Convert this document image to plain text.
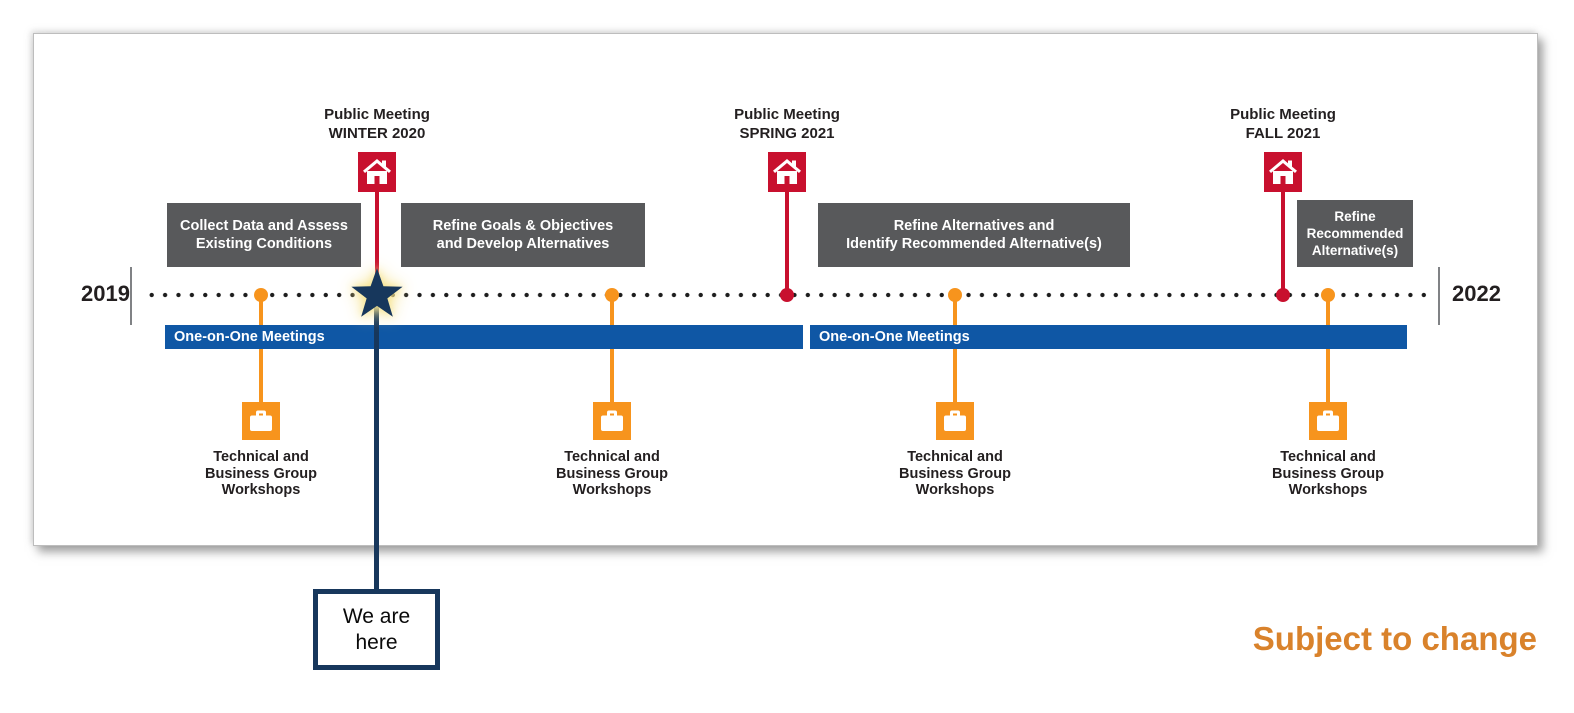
2019	2022
Public Meeting
WINTER 2020
Public Meeting
SPRING 2021
Public Meeting
FALL 2021
Collect Data and Assess
Existing Conditions
Refine Goals & Objectives
and Develop Alternatives
Refine Alternatives and
Identify Recommended Alternative(s)
Refine
Recommended
Alternative(s)
One-on-One Meetings	One-on-One Meetings
Technical and
Business Group
Workshops
Technical and
Business Group
Workshops
Technical and
Business Group
Workshops
Technical and
Business Group
Workshops
We are here	Subject to change
